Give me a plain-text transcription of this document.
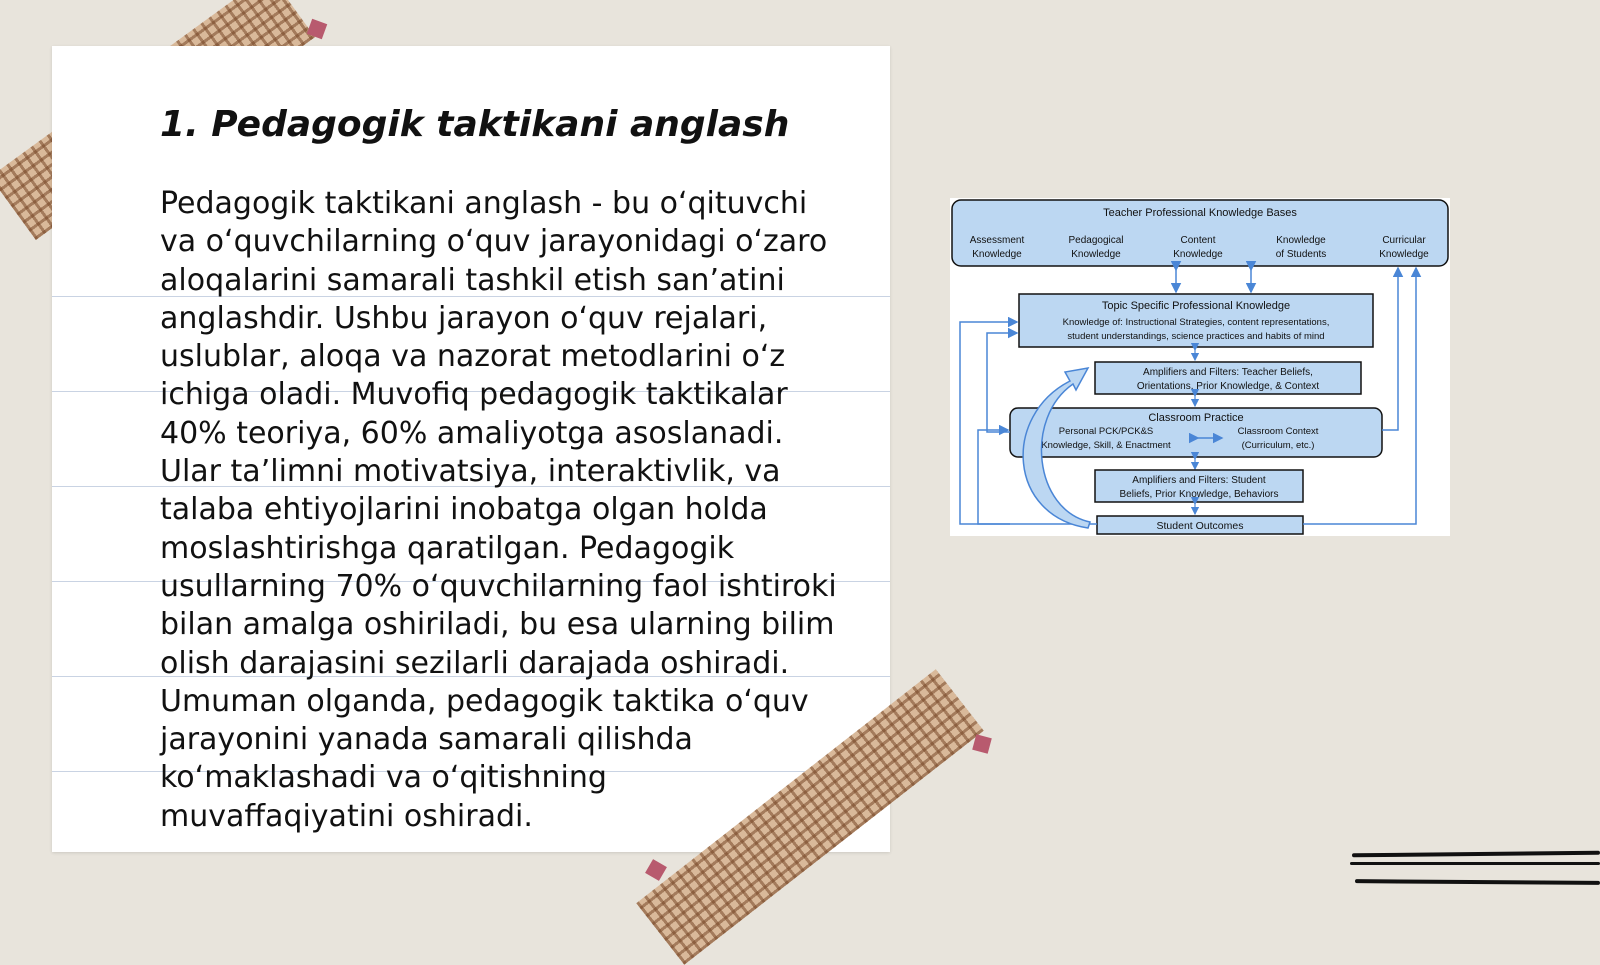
1. Pedagogik taktikani anglash

Pedagogik taktikani anglash - bu o‘qituvchi va o‘quvchilarning o‘quv jarayonidagi o‘zaro aloqalarini samarali tashkil etish san’atini anglashdir. Ushbu jarayon o‘quv rejalari, uslublar, aloqa va nazorat metodlarini o‘z ichiga oladi. Muvofiq pedagogik taktikalar 40% teoriya, 60% amaliyotga asoslanadi. Ular ta’limni motivatsiya, interaktivlik, va talaba ehtiyojlarini inobatga olgan holda moslashtirishga qaratilgan. Pedagogik usullarning 70% o‘quvchilarning faol ishtiroki bilan amalga oshiriladi, bu esa ularning bilim olish darajasini sezilarli darajada oshiradi. Umuman olganda, pedagogik taktika o‘quv jarayonini yanada samarali qilishda ko‘maklashadi va o‘qitishning muvaffaqiyatini oshiradi.

Teacher Professional Knowledge Bases
Assessment
Knowledge
Pedagogical
Knowledge
Content
Knowledge
Knowledge
of Students
Curricular
Knowledge
Topic Specific Professional Knowledge
Knowledge of: Instructional Strategies, content representations,
student understandings, science practices and habits of mind
Amplifiers and Filters: Teacher Beliefs,
Orientations, Prior Knowledge, & Context
Classroom Practice
Personal PCK/PCK&S
Knowledge, Skill, & Enactment
Classroom Context
(Curriculum, etc.)
Amplifiers and Filters: Student
Beliefs, Prior Knowledge, Behaviors
Student Outcomes
